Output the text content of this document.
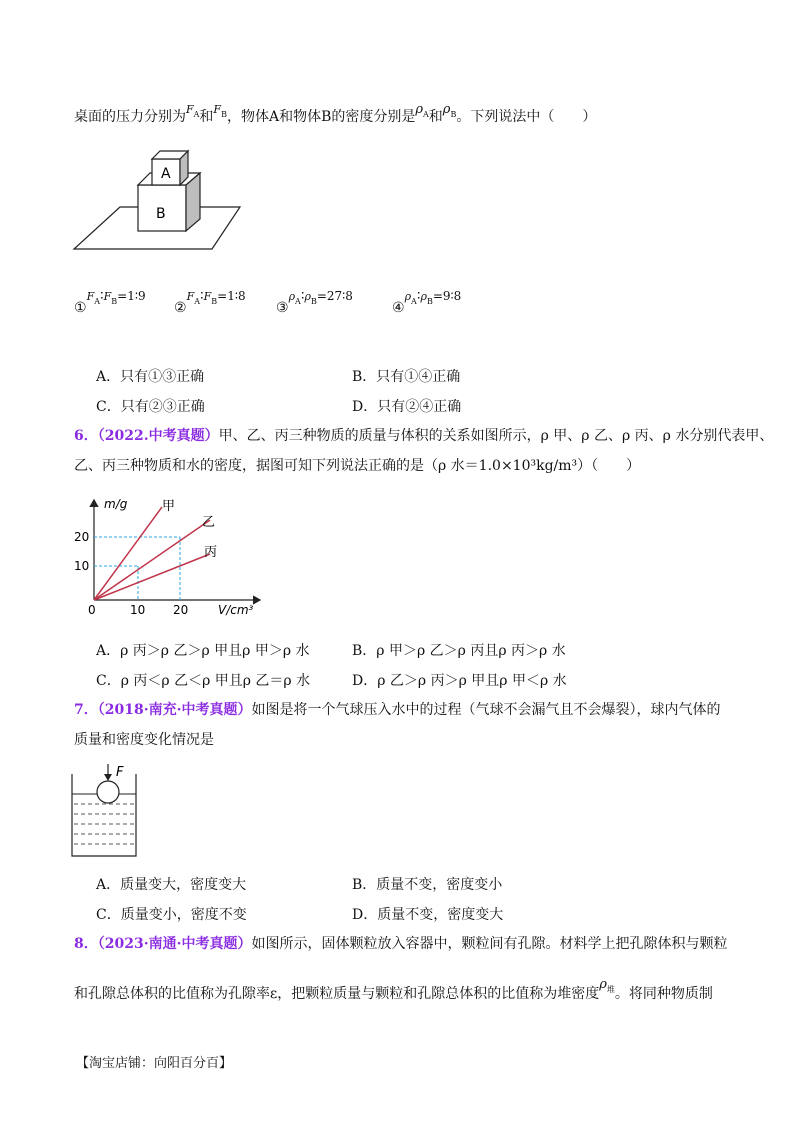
桌面的压力分别为$F_A$和$F_B$，物体A和物体B的密度分别是$\rho_A$和$\rho_B$。下列说法中（　　）
A
B
$①F_A∶F_B=1∶9$
$②F_A∶F_B=1∶8$
$③\rho_A∶\rho_B=27∶8$
$④\rho_A∶\rho_B=9∶8$
A．只有①③正确	B．只有①④正确
C．只有②③正确	D．只有②④正确
6．（2022.中考真题）甲、乙、丙三种物质的质量与体积的关系如图所示，ρ 甲、ρ 乙、ρ 丙、ρ 水分别代表甲、
乙、丙三种物质和水的密度，据图可知下列说法正确的是（ρ 水＝1.0×10³kg/m³）（　　）
m/g
V/cm³
0	10 20
10
20
甲
乙
丙
A．ρ 丙＞ρ 乙＞ρ 甲且ρ 甲＞ρ 水	B．ρ 甲＞ρ 乙＞ρ 丙且ρ 丙＞ρ 水
C．ρ 丙＜ρ 乙＜ρ 甲且ρ 乙＝ρ 水	D．ρ 乙＞ρ 丙＞ρ 甲且ρ 甲＜ρ 水
7．（2018·南充·中考真题）如图是将一个气球压入水中的过程（气球不会漏气且不会爆裂），球内气体的
质量和密度变化情况是
F
A．质量变大，密度变大	B．质量不变，密度变小
C．质量变小，密度不变	D．质量不变，密度变大
8．（2023·南通·中考真题）如图所示，固体颗粒放入容器中，颗粒间有孔隙。材料学上把孔隙体积与颗粒
和孔隙总体积的比值称为孔隙率ε，把颗粒质量与颗粒和孔隙总体积的比值称为堆密度$\rho_堆$。将同种物质制
【淘宝店铺：向阳百分百】
